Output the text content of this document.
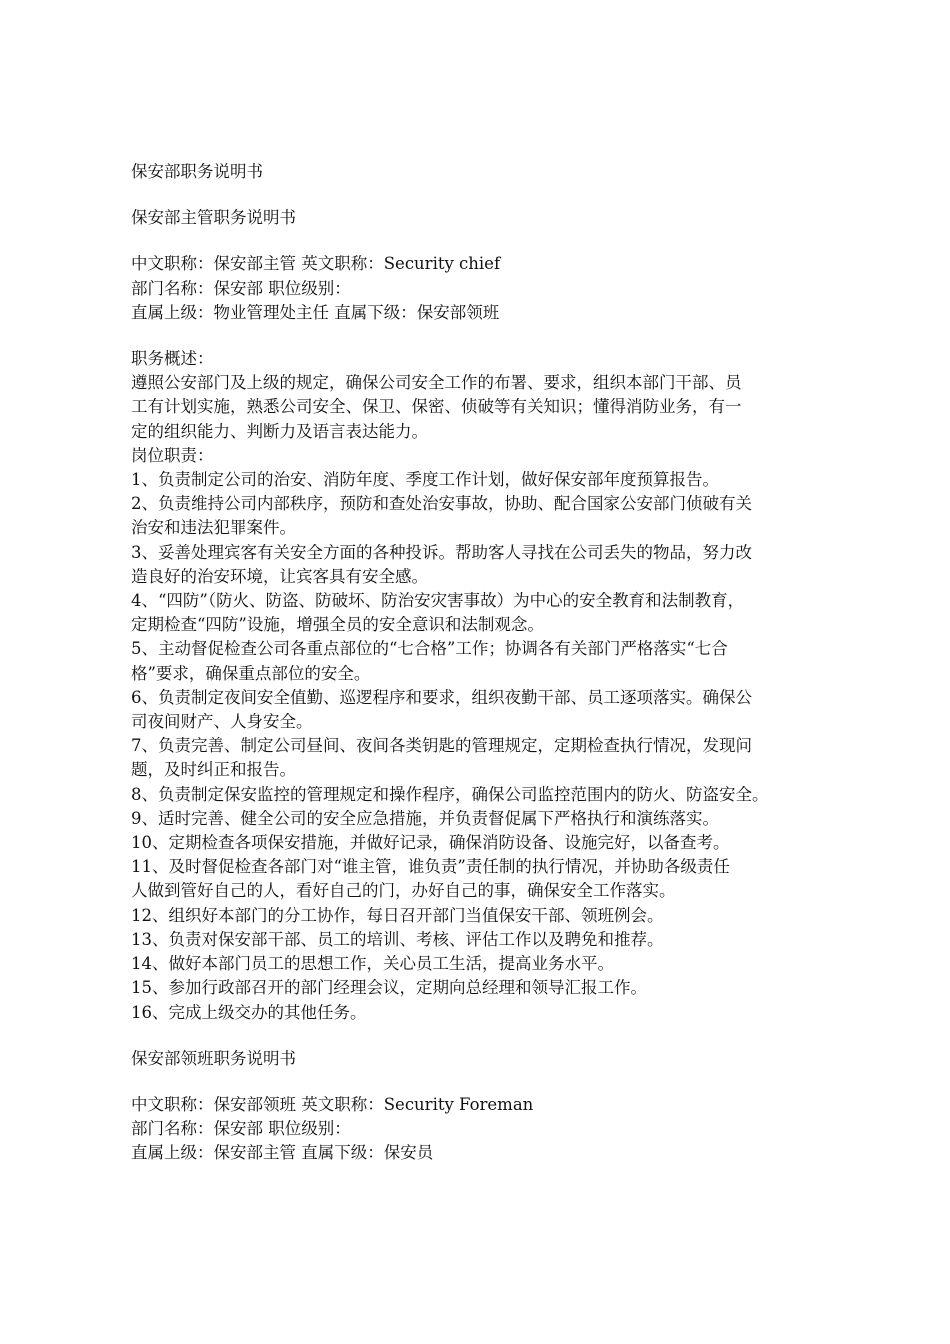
保安部职务说明书
保安部主管职务说明书
中文职称：保安部主管 英文职称：Security chief
部门名称：保安部 职位级别：
直属上级：物业管理处主任 直属下级：保安部领班
职务概述：
遵照公安部门及上级的规定，确保公司安全工作的布署、要求，组织本部门干部、员
工有计划实施，熟悉公司安全、保卫、保密、侦破等有关知识；懂得消防业务，有一
定的组织能力、判断力及语言表达能力。
岗位职责：
1、负责制定公司的治安、消防年度、季度工作计划，做好保安部年度预算报告。
2、负责维持公司内部秩序，预防和查处治安事故，协助、配合国家公安部门侦破有关
治安和违法犯罪案件。
3、妥善处理宾客有关安全方面的各种投诉。帮助客人寻找在公司丢失的物品，努力改
造良好的治安环境，让宾客具有安全感。
4、“四防”（防火、防盗、防破坏、防治安灾害事故）为中心的安全教育和法制教育，
定期检查“四防”设施，增强全员的安全意识和法制观念。
5、主动督促检查公司各重点部位的“七合格”工作；协调各有关部门严格落实“七合
格”要求，确保重点部位的安全。
6、负责制定夜间安全值勤、巡逻程序和要求，组织夜勤干部、员工逐项落实。确保公
司夜间财产、人身安全。
7、负责完善、制定公司昼间、夜间各类钥匙的管理规定，定期检查执行情况，发现问
题，及时纠正和报告。
8、负责制定保安监控的管理规定和操作程序，确保公司监控范围内的防火、防盗安全。
9、适时完善、健全公司的安全应急措施，并负责督促属下严格执行和演练落实。
10、定期检查各项保安措施，并做好记录，确保消防设备、设施完好，以备查考。
11、及时督促检查各部门对“谁主管，谁负责”责任制的执行情况，并协助各级责任
人做到管好自己的人，看好自己的门，办好自己的事，确保安全工作落实。
12、组织好本部门的分工协作，每日召开部门当值保安干部、领班例会。
13、负责对保安部干部、员工的培训、考核、评估工作以及聘免和推荐。
14、做好本部门员工的思想工作，关心员工生活，提高业务水平。
15、参加行政部召开的部门经理会议，定期向总经理和领导汇报工作。
16、完成上级交办的其他任务。
保安部领班职务说明书
中文职称：保安部领班 英文职称：Security Foreman
部门名称：保安部 职位级别：
直属上级：保安部主管 直属下级：保安员
